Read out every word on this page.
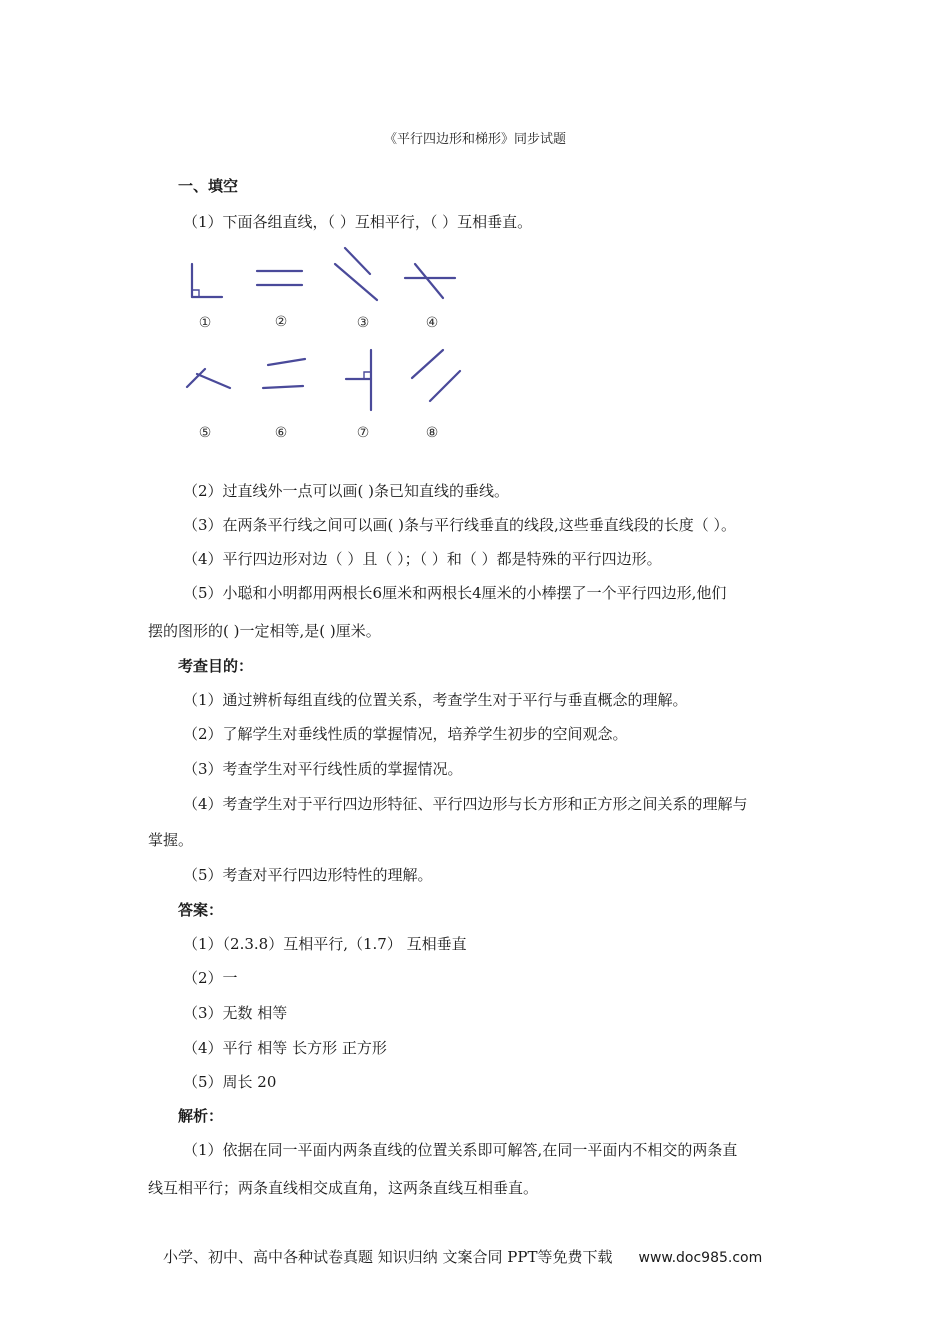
《平行四边形和梯形》同步试题
一、填空
（1）下面各组直线，（ ）互相平行，（ ）互相垂直。
①	②	③	④
⑤	⑥	⑦	⑧
（2）过直线外一点可以画( )条已知直线的垂线。
（3）在两条平行线之间可以画( )条与平行线垂直的线段,这些垂直线段的长度（ ）。
（4）平行四边形对边（ ）且（ ）；（ ）和（ ）都是特殊的平行四边形。
（5）小聪和小明都用两根长6厘米和两根长4厘米的小棒摆了一个平行四边形,他们
摆的图形的( )一定相等,是( )厘米。
考查目的：
（1）通过辨析每组直线的位置关系，考查学生对于平行与垂直概念的理解。
（2）了解学生对垂线性质的掌握情况，培养学生初步的空间观念。
（3）考查学生对平行线性质的掌握情况。
（4）考查学生对于平行四边形特征、平行四边形与长方形和正方形之间关系的理解与
掌握。
（5）考查对平行四边形特性的理解。
答案：
（1）（2.3.8）互相平行,（1.7） 互相垂直
（2）一
（3）无数 相等
（4）平行 相等 长方形 正方形
（5）周长 20
解析：
（1）依据在同一平面内两条直线的位置关系即可解答,在同一平面内不相交的两条直
线互相平行；两条直线相交成直角，这两条直线互相垂直。
小学、初中、高中各种试卷真题 知识归纳 文案合同 PPT等免费下载 www.doc985.com
